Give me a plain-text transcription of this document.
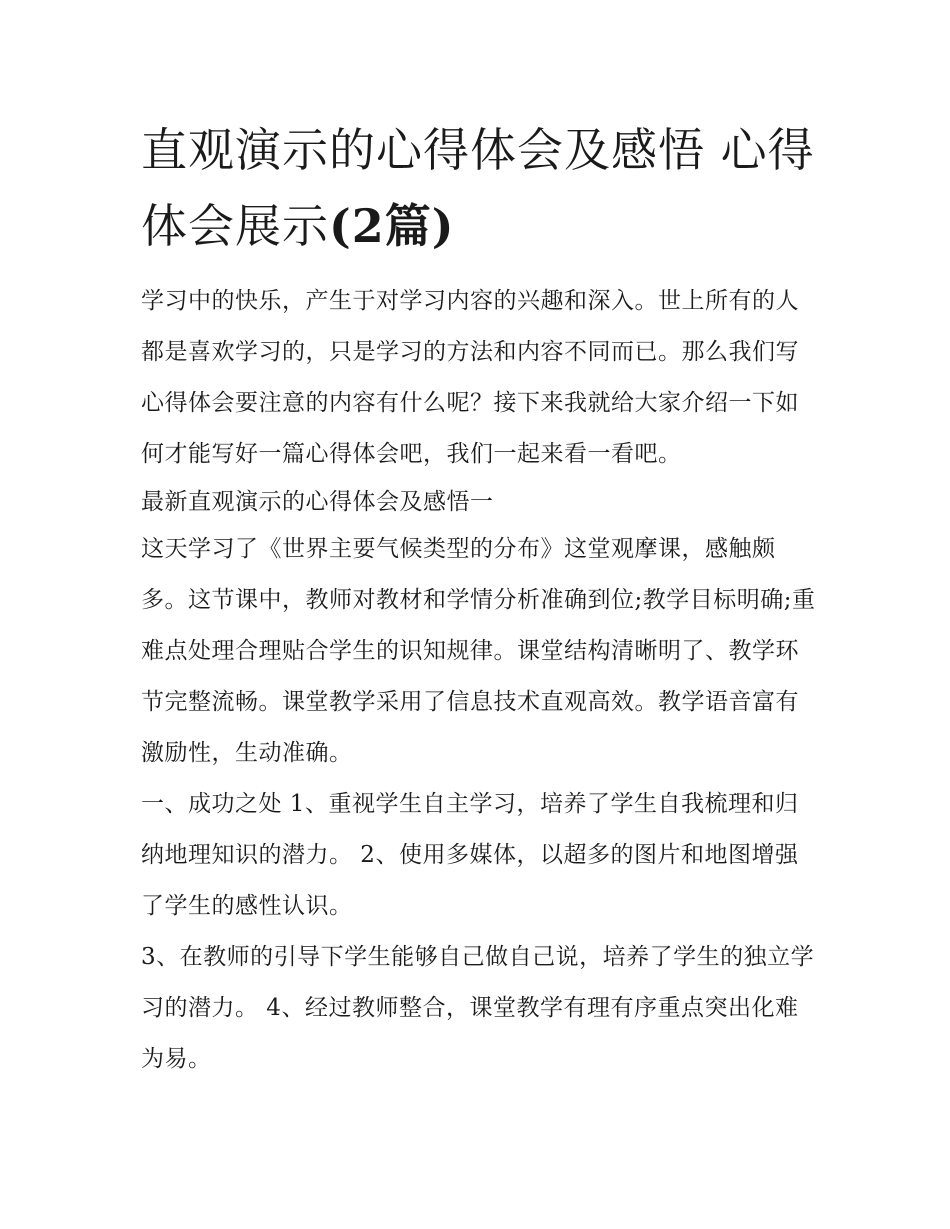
直观演示的心得体会及感悟 心得体会展示(2篇)

学习中的快乐，产生于对学习内容的兴趣和深入。世上所有的人都是喜欢学习的，只是学习的方法和内容不同而已。那么我们写心得体会要注意的内容有什么呢？接下来我就给大家介绍一下如何才能写好一篇心得体会吧，我们一起来看一看吧。

最新直观演示的心得体会及感悟一

这天学习了《世界主要气候类型的分布》这堂观摩课，感触颇多。这节课中，教师对教材和学情分析准确到位;教学目标明确;重难点处理合理贴合学生的识知规律。课堂结构清晰明了、教学环节完整流畅。课堂教学采用了信息技术直观高效。教学语音富有激励性，生动准确。

一、成功之处 1、重视学生自主学习，培养了学生自我梳理和归纳地理知识的潜力。 2、使用多媒体，以超多的图片和地图增强了学生的感性认识。

3、在教师的引导下学生能够自己做自己说，培养了学生的独立学习的潜力。 4、经过教师整合，课堂教学有理有序重点突出化难为易。
